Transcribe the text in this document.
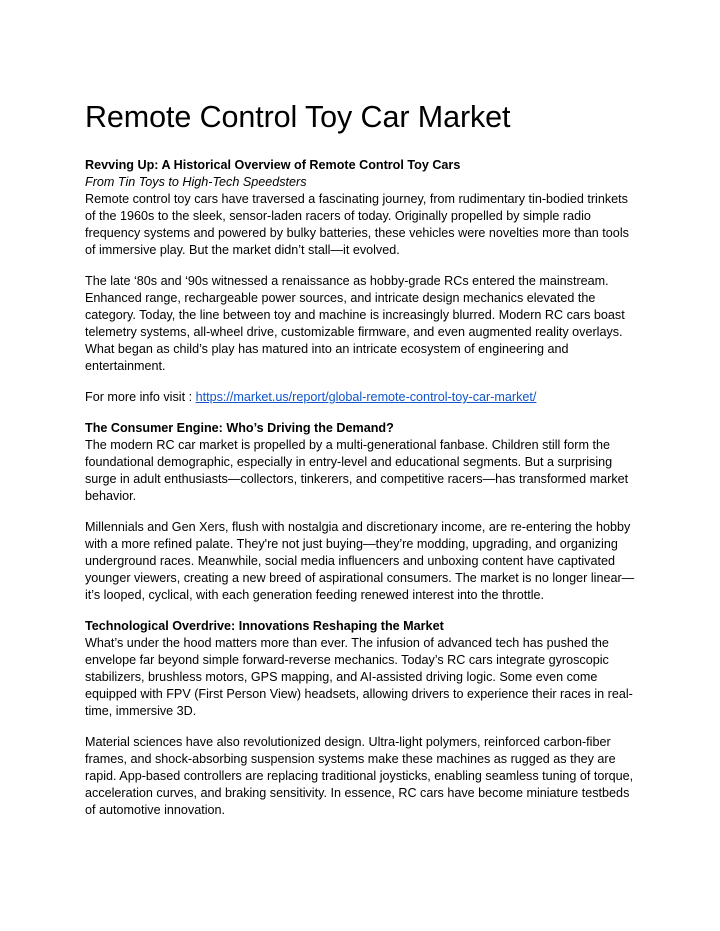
Remote Control Toy Car Market

Revving Up: A Historical Overview of Remote Control Toy Cars

From Tin Toys to High-Tech Speedsters

Remote control toy cars have traversed a fascinating journey, from rudimentary tin-bodied trinkets of the 1960s to the sleek, sensor-laden racers of today. Originally propelled by simple radio frequency systems and powered by bulky batteries, these vehicles were novelties more than tools of immersive play. But the market didn’t stall—it evolved.

The late ‘80s and ‘90s witnessed a renaissance as hobby-grade RCs entered the mainstream. Enhanced range, rechargeable power sources, and intricate design mechanics elevated the category. Today, the line between toy and machine is increasingly blurred. Modern RC cars boast telemetry systems, all-wheel drive, customizable firmware, and even augmented reality overlays. What began as child’s play has matured into an intricate ecosystem of engineering and entertainment.

For more info visit : https://market.us/report/global-remote-control-toy-car-market/

The Consumer Engine: Who’s Driving the Demand?

The modern RC car market is propelled by a multi-generational fanbase. Children still form the foundational demographic, especially in entry-level and educational segments. But a surprising surge in adult enthusiasts—collectors, tinkerers, and competitive racers—has transformed market behavior.

Millennials and Gen Xers, flush with nostalgia and discretionary income, are re-entering the hobby with a more refined palate. They're not just buying—they’re modding, upgrading, and organizing underground races. Meanwhile, social media influencers and unboxing content have captivated younger viewers, creating a new breed of aspirational consumers. The market is no longer linear—it’s looped, cyclical, with each generation feeding renewed interest into the throttle.

Technological Overdrive: Innovations Reshaping the Market

What’s under the hood matters more than ever. The infusion of advanced tech has pushed the envelope far beyond simple forward-reverse mechanics. Today’s RC cars integrate gyroscopic stabilizers, brushless motors, GPS mapping, and AI-assisted driving logic. Some even come equipped with FPV (First Person View) headsets, allowing drivers to experience their races in real-time, immersive 3D.

Material sciences have also revolutionized design. Ultra-light polymers, reinforced carbon-fiber frames, and shock-absorbing suspension systems make these machines as rugged as they are rapid. App-based controllers are replacing traditional joysticks, enabling seamless tuning of torque, acceleration curves, and braking sensitivity. In essence, RC cars have become miniature testbeds of automotive innovation.
